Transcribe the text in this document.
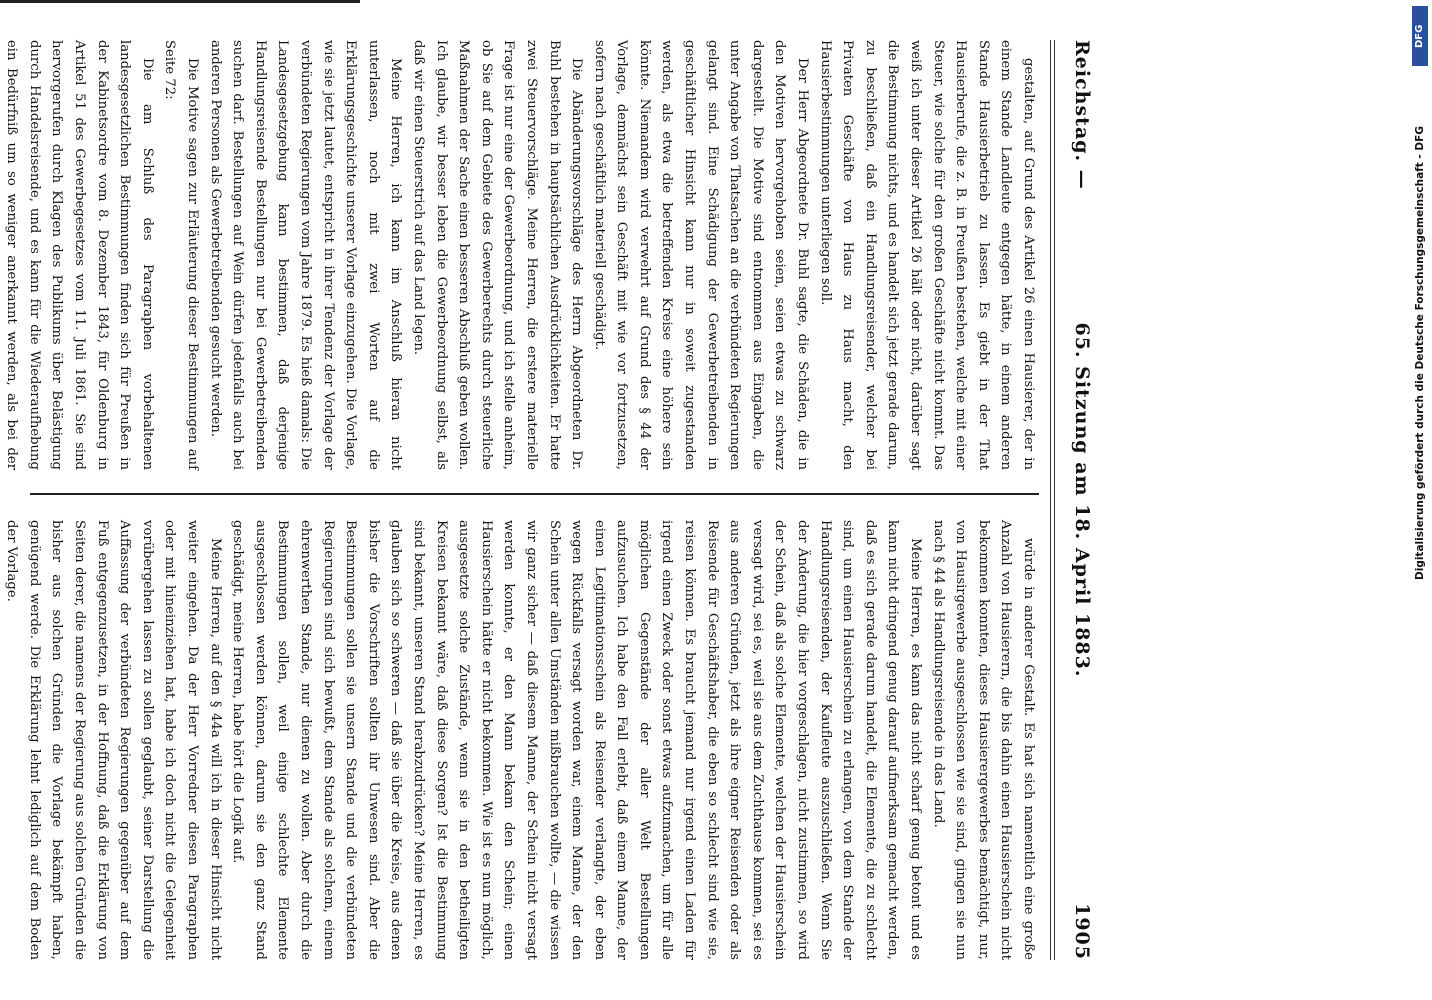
Reichstag. —
65. Sitzung am 18. April 1883.
1905

gestalten, auf Grund des Artikel 26 einen Hausierer, der in einem Stande Landleute entgegen hätte, in einem anderen Stande Hausierbetrieb zu lassen. Es giebt in der That Hausierberufe, die z. B. in Preußen bestehen, welche mit einer Steuer, wie solche für den großen Geschäfte nicht kommt. Das weiß ich unter dieser Artikel 26 hält oder nicht, darüber sagt die Bestimmung nichts, und es handelt sich jetzt gerade darum, zu beschließen, daß ein Handlungsreisender, welcher bei Privaten Geschäfte von Haus zu Haus macht, den Hausierbestimmungen unterliegen soll.

Der Herr Abgeordnete Dr. Buhl sagte, die Schäden, die in den Motiven hervorgehoben seien, seien etwas zu schwarz dargestellt. Die Motive sind entnommen aus Eingaben, die unter Angabe von Thatsachen an die verbündeten Regierungen gelangt sind. Eine Schädigung der Gewerbetreibenden in geschäftlicher Hinsicht kann nur in soweit zugestanden werden, als etwa die betreffenden Kreise eine höhere sein könnte. Niemandem wird verwehrt auf Grund des § 44 der Vorlage, demnächst sein Geschäft mit wie vor fortzusetzen, sofern nach geschäftlich materiell geschädigt.

Die Abänderungsvorschläge des Herrn Abgeordneten Dr. Buhl bestehen in hauptsächlichen Ausdrücklichkeiten. Er hatte zwei Steuervorschläge. Meine Herren, die erstere materielle Frage ist nur eine der Gewerbeordnung, und ich stelle anheim, ob Sie auf dem Gebiete des Gewerberechts durch steuerliche Maßnahmen der Sache einen besseren Abschluß geben wollen. Ich glaube, wir besser leben die Gewerbeordnung selbst, als daß wir einen Steuerstrich auf das Land legen.

Meine Herren, ich kann im Anschluß hieran nicht unterlassen, noch mit zwei Worten auf die Erklärungsgeschichte unserer Vorlage einzugehen. Die Vorlage, wie sie jetzt lautet, entspricht in ihrer Tendenz der Vorlage der verbündeten Regierungen vom Jahre 1879. Es hieß damals: Die Landesgesetzgebung kann bestimmen, daß derjenige Handlungsreisende Bestellungen nur bei Gewerbetreibenden suchen darf. Bestellungen auf Wein dürfen jedenfalls auch bei anderen Personen als Gewerbetreibenden gesucht werden.

Die Motive sagen zur Erläuterung dieser Bestimmungen auf Seite 72:

Die am Schluß des Paragraphen vorbehaltenen landesgesetzlichen Bestimmungen finden sich für Preußen in der Kabinetsordre vom 8. Dezember 1843, für Oldenburg in Artikel 51 des Gewerbegesetzes vom 11. Juli 1861. Sie sind hervorgerufen durch Klagen des Publikums über Belästigung durch Handelsreisende, und es kann für die Wiederaufhebung ein Bedürfniß um so weniger anerkannt werden, als bei der

würde in anderer Gestalt. Es hat sich namentlich eine große Anzahl von Hausierern, die bis dahin einen Hausierschein nicht bekommen konnten, dieses Hausierergewerbes bemächtigt, nur, von Hausirgewerbe ausgeschlossen wie sie sind, gingen sie nun nach § 44 als Handlungsreisende in das Land.

Meine Herren, es kann das nicht scharf genug betont und es kann nicht dringend genug darauf aufmerksam gemacht werden, daß es sich gerade darum handelt, die Elemente, die zu schlecht sind, um einen Hausierschein zu erlangen, von dem Stande der Handlungsreisenden, der Kaufleute auszuschließen. Wenn Sie der Änderung, die hier vorgeschlagen, nicht zustimmen, so wird der Schein, daß als solche Elemente, welchen der Hausierschein versagt wird, sei es, weil sie aus dem Zuchthause kommen, sei es aus anderen Gründen, jetzt als ihre eigner Reisenden oder als Reisende für Geschäftshaber, die eben so schlecht sind wie sie, reisen können. Es braucht jemand nur irgend einen Laden für irgend einen Zweck oder sonst etwas aufzumachen, um für alle möglichen Gegenstände der aller Welt Bestellungen aufzusuchen. Ich habe den Fall erlebt, daß einem Manne, der einen Legitimationsschein als Reisender verlangte, der eben wegen Rückfalls versagt worden war, einem Manne, der den Schein unter allen Umständen mißbrauchen wollte, — die wissen wir ganz sicher — daß diesem Manne, der Schein nicht versagt werden konnte, er den Mann bekam den Schein; einen Hausierschein hätte er nicht bekommen. Wie ist es nun möglich, ausgesetzte solche Zustände, wenn sie in den betheiligten Kreisen bekannt wäre, daß diese Sorgen? Ist die Bestimmung sind bekannt, unseren Stand herabzudrücken? Meine Herren, es glauben sich so schweren — daß sie über die Kreise, aus denen bisher die Vorschriften sollten ihr Unwesen sind. Aber die Bestimmungen sollen sie unsern Stande und die verbündeten Regierungen sind sich bewußt, dem Stande als solchem, einem ehrenwerthen Stande, nur dienen zu wollen. Aber durch die Bestimmungen sollen, weil einige schlechte Elemente ausgeschlossen werden können, darum sie den ganz Stand geschädigt, meine Herren, habe hört die Logik auf.

Meine Herren, auf den § 44a will ich in dieser Hinsicht nicht weiter eingehen. Da der Herr Vorredner diesen Paragraphen oder mit hineinziehen hat, habe ich doch nicht die Gelegenheit vorübergehen lassen zu sollen geglaubt, seiner Darstellung die Auffassung der verbündeten Regierungen gegenüber auf dem Fuß entgegenzusetzen, in der Hoffnung, daß die Erklärung von Seiten derer, die namens der Regierung aus solchen Gründen die bisher aus solchen Gründen die Vorlage bekämpft haben, genügend werde. Die Erklärung lehnt lediglich auf dem Boden der Vorlage.	Digitalisierung gefördert durch die Deutsche Forschungsgemeinschaft - DFG
DFG
